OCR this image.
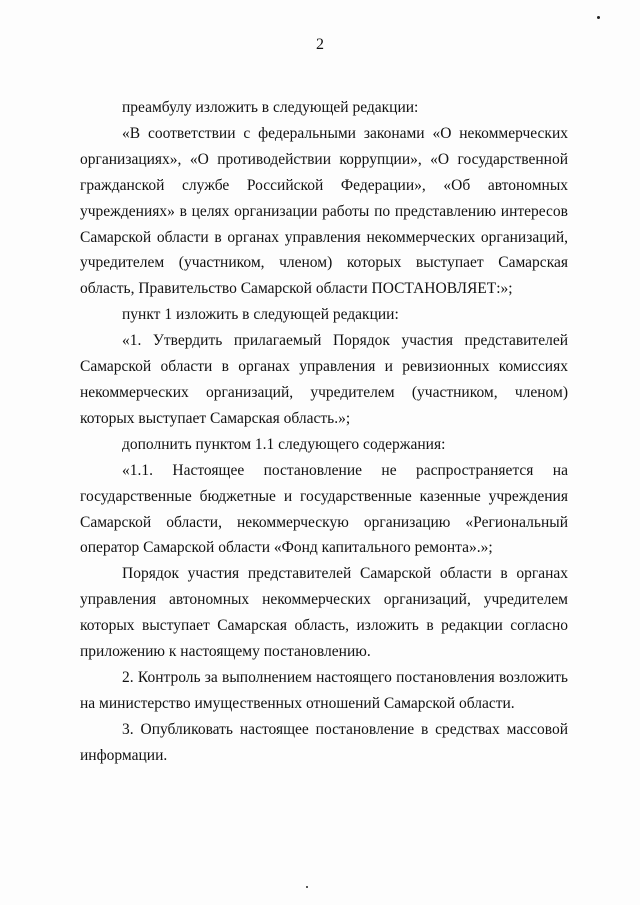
2

преамбулу изложить в следующей редакции:

«В соответствии с федеральными законами «О некоммерческих организациях», «О противодействии коррупции», «О государственной гражданской службе Российской Федерации», «Об автономных учреждениях» в целях организации работы по представлению интересов Самарской области в органах управления некоммерческих организаций, учредителем (участником, членом) которых выступает Самарская область, Правительство Самарской области ПОСТАНОВЛЯЕТ:»;

пункт 1 изложить в следующей редакции:

«1. Утвердить прилагаемый Порядок участия представителей Самарской области в органах управления и ревизионных комиссиях некоммерческих организаций, учредителем (участником, членом) которых выступает Самарская область.»;

дополнить пунктом 1.1 следующего содержания:

«1.1. Настоящее постановление не распространяется на государственные бюджетные и государственные казенные учреждения Самарской области, некоммерческую организацию «Региональный оператор Самарской области «Фонд капитального ремонта».»;

Порядок участия представителей Самарской области в органах управления автономных некоммерческих организаций, учредителем которых выступает Самарская область, изложить в редакции согласно приложению к настоящему постановлению.

2. Контроль за выполнением настоящего постановления возложить на министерство имущественных отношений Самарской области.

3. Опубликовать настоящее постановление в средствах массовой информации.
